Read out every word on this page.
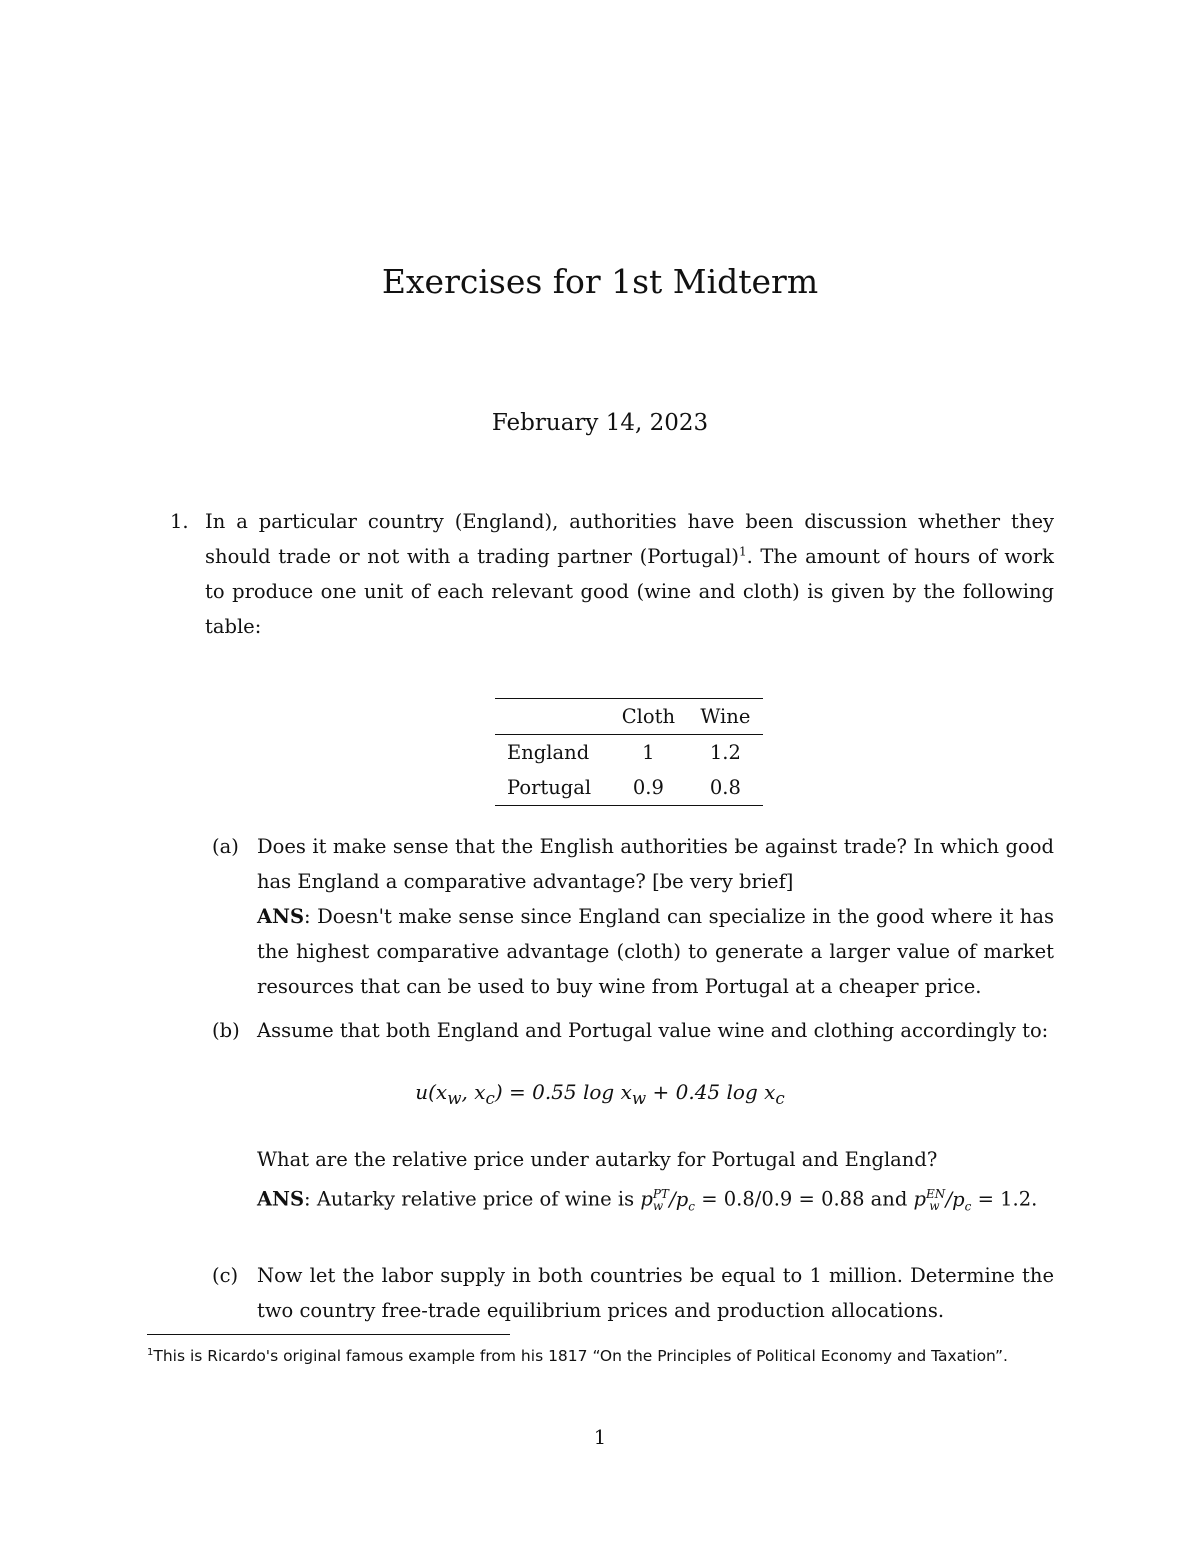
Exercises for 1st Midterm
February 14, 2023
1. In a particular country (England), authorities have been discussion whether they should trade or not with a trading partner (Portugal)$^1$. The amount of hours of work to produce one unit of each relevant good (wine and cloth) is given by the following table:
	Cloth	Wine
England	1	1.2
Portugal	0.9	0.8
(a) Does it make sense that the English authorities be against trade? In which good has England a comparative advantage? [be very brief]
ANS: Doesn't make sense since England can specialize in the good where it has the highest comparative advantage (cloth) to generate a larger value of market resources that can be used to buy wine from Portugal at a cheaper price.
(b) Assume that both England and Portugal value wine and clothing accordingly to:
$u(x_w$, $x_c) = 0.55$ $\log x_w + 0.45$ $\log x_c$
What are the relative price under autarky for Portugal and England?
ANS: Autarky relative price of wine is $p^{PT}_w$ $/p_c = 0.8/0.9 = 0.88$ and $p^{EN}_w$ $/p_c = 1.2$.
(c) Now let the labor supply in both countries be equal to 1 million. Determine the two country free-trade equilibrium prices and production allocations.
$^1$This is Ricardo's original famous example from his 1817 “On the Principles of Political Economy and Taxation”.
1
